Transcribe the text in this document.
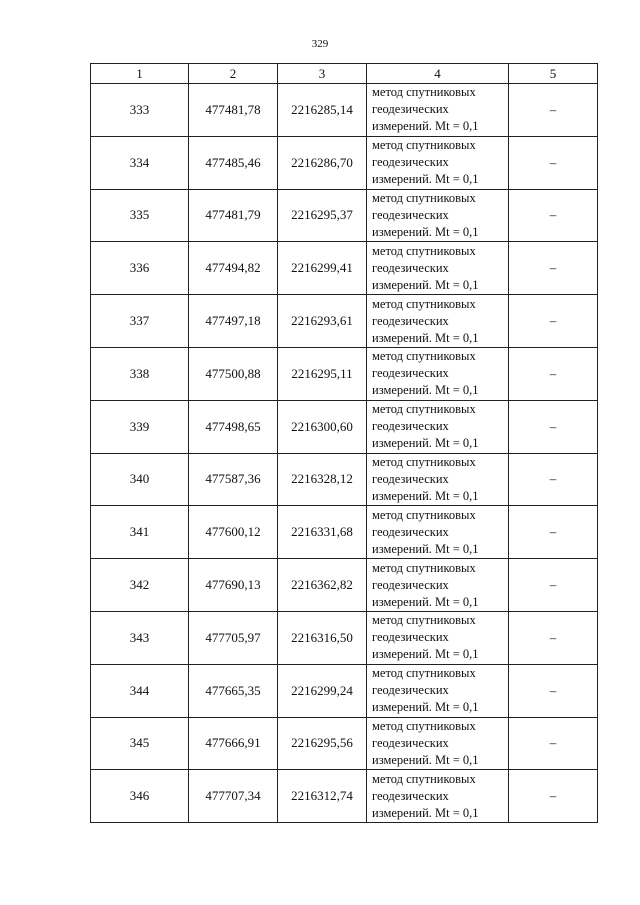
329
1	2	3	4	5
333	477481,78	2216285,14	метод спутниковых
геодезических
измерений. Mt = 0,1	–
334	477485,46	2216286,70	метод спутниковых
геодезических
измерений. Mt = 0,1	–
335	477481,79	2216295,37	метод спутниковых
геодезических
измерений. Mt = 0,1	–
336	477494,82	2216299,41	метод спутниковых
геодезических
измерений. Mt = 0,1	–
337	477497,18	2216293,61	метод спутниковых
геодезических
измерений. Mt = 0,1	–
338	477500,88	2216295,11	метод спутниковых
геодезических
измерений. Mt = 0,1	–
339	477498,65	2216300,60	метод спутниковых
геодезических
измерений. Mt = 0,1	–
340	477587,36	2216328,12	метод спутниковых
геодезических
измерений. Mt = 0,1	–
341	477600,12	2216331,68	метод спутниковых
геодезических
измерений. Mt = 0,1	–
342	477690,13	2216362,82	метод спутниковых
геодезических
измерений. Mt = 0,1	–
343	477705,97	2216316,50	метод спутниковых
геодезических
измерений. Mt = 0,1	–
344	477665,35	2216299,24	метод спутниковых
геодезических
измерений. Mt = 0,1	–
345	477666,91	2216295,56	метод спутниковых
геодезических
измерений. Mt = 0,1	–
346	477707,34	2216312,74	метод спутниковых
геодезических
измерений. Mt = 0,1	–
